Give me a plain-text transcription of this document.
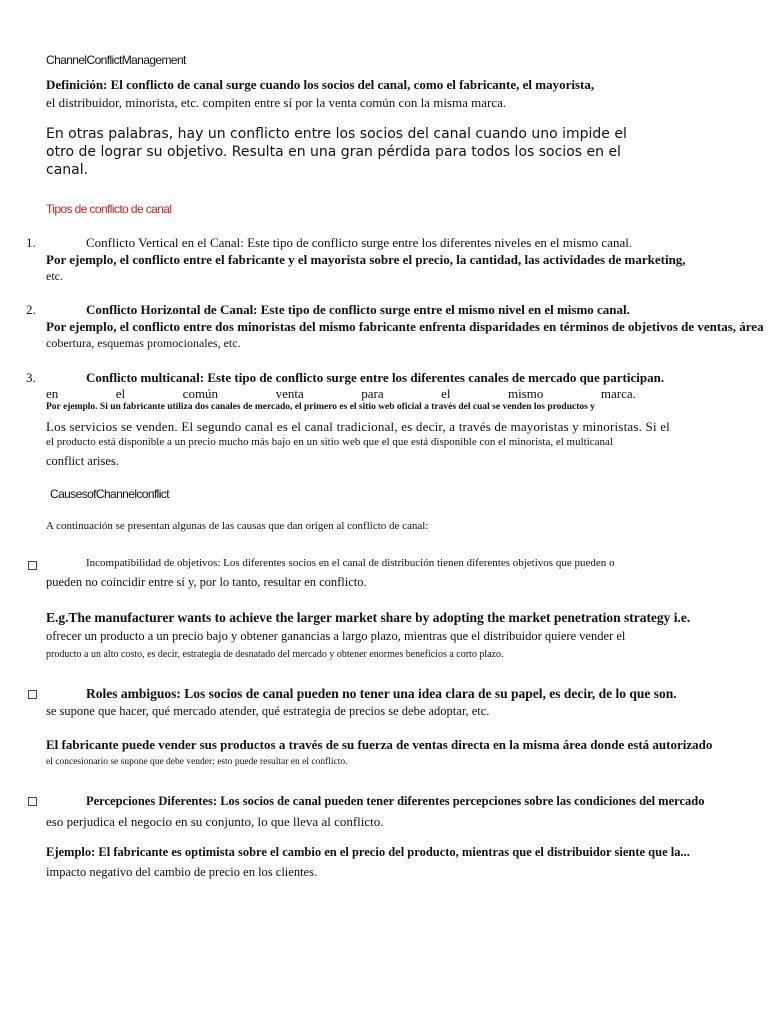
ChannelConflictManagement
Definición: El conflicto de canal surge cuando los socios del canal, como el fabricante, el mayorista,
el distribuidor, minorista, etc. compiten entre sí por la venta común con la misma marca.
En otras palabras, hay un conflicto entre los socios del canal cuando uno impide el
otro de lograr su objetivo. Resulta en una gran pérdida para todos los socios en el
canal.
Tipos de conflicto de canal
1.	Conflicto Vertical en el Canal: Este tipo de conflicto surge entre los diferentes niveles en el mismo canal.
Por ejemplo, el conflicto entre el fabricante y el mayorista sobre el precio, la cantidad, las actividades de marketing,
etc.
2.	Conflicto Horizontal de Canal: Este tipo de conflicto surge entre el mismo nivel en el mismo canal.
Por ejemplo, el conflicto entre dos minoristas del mismo fabricante enfrenta disparidades en términos de objetivos de ventas, área
cobertura, esquemas promocionales, etc.
3.	Conflicto multicanal: Este tipo de conflicto surge entre los diferentes canales de mercado que participan.
en	el	común	venta	para	el	mismo	marca.
Por ejemplo. Si un fabricante utiliza dos canales de mercado, el primero es el sitio web oficial a través del cual se venden los productos y
Los servicios se venden. El segundo canal es el canal tradicional, es decir, a través de mayoristas y minoristas. Si el
el producto está disponible a un precio mucho más bajo en un sitio web que el que está disponible con el minorista, el multicanal
conflict arises.
CausesofChannelconflict
A continuación se presentan algunas de las causas que dan origen al conflicto de canal:
Incompatibilidad de objetivos: Los diferentes socios en el canal de distribución tienen diferentes objetivos que pueden o
pueden no coincidir entre sí y, por lo tanto, resultar en conflicto.
E.g.The manufacturer wants to achieve the larger market share by adopting the market penetration strategy i.e.
ofrecer un producto a un precio bajo y obtener ganancias a largo plazo, mientras que el distribuidor quiere vender el
producto a un alto costo, es decir, estrategia de desnatado del mercado y obtener enormes beneficios a corto plazo.
Roles ambiguos: Los socios de canal pueden no tener una idea clara de su papel, es decir, de lo que son.
se supone que hacer, qué mercado atender, qué estrategia de precios se debe adoptar, etc.
El fabricante puede vender sus productos a través de su fuerza de ventas directa en la misma área donde está autorizado
el concesionario se supone que debe vender; esto puede resultar en el conflicto.
Percepciones Diferentes: Los socios de canal pueden tener diferentes percepciones sobre las condiciones del mercado
eso perjudica el negocio en su conjunto, lo que lleva al conflicto.
Ejemplo: El fabricante es optimista sobre el cambio en el precio del producto, mientras que el distribuidor siente que la...
impacto negativo del cambio de precio en los clientes.
